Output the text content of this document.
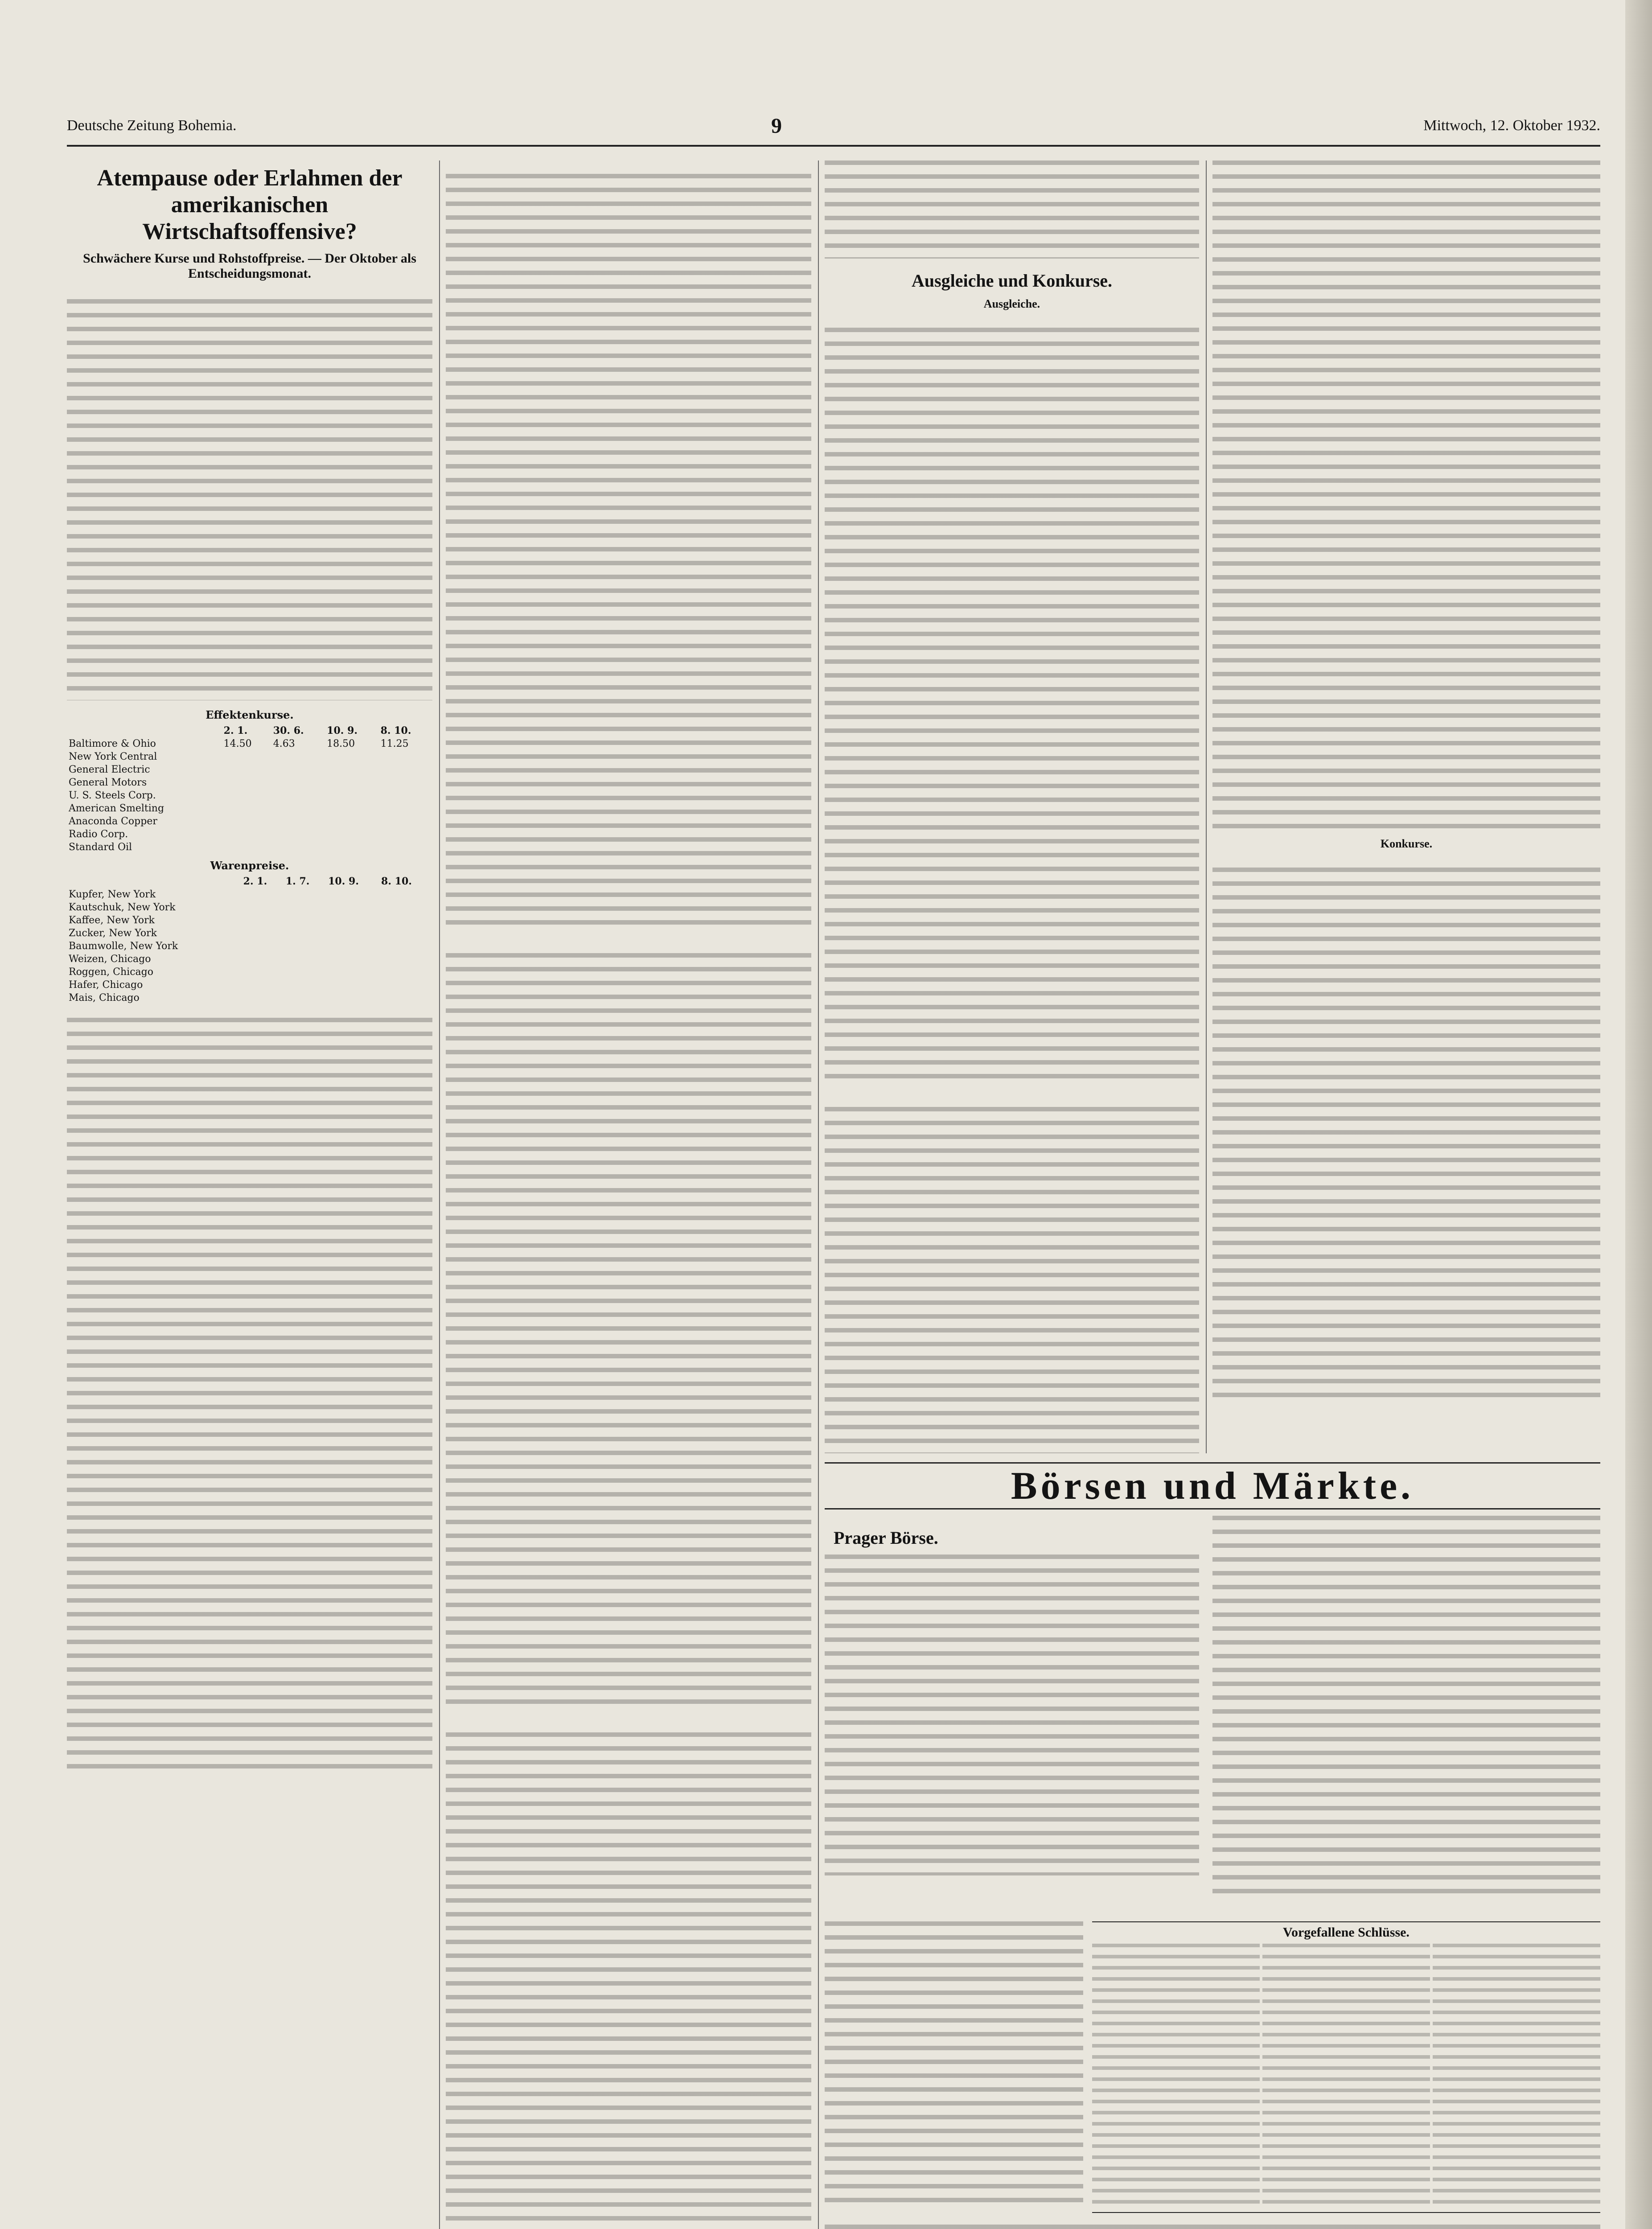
Deutsche Zeitung Bohemia.	9	Mittwoch, 12. Oktober 1932.
Atempause oder Erlahmen der amerikanischen Wirtschaftsoffensive?
Schwächere Kurse und Rohstoffpreise. — Der Oktober als Entscheidungsmonat.

Effektenkurse.
	2. 1.	30. 6.	10. 9.	8. 10.
Baltimore & Ohio	14.50	4.63	18.50	11.25
New York Central				
General Electric				
General Motors				
U. S. Steels Corp.				
American Smelting				
Anaconda Copper				
Radio Corp.				
Standard Oil				
Warenpreise.
	2. 1.	1. 7.	10. 9.	8. 10.
Kupfer, New York				
Kautschuk, New York				
Kaffee, New York				
Zucker, New York				
Baumwolle, New York				
Weizen, Chicago				
Roggen, Chicago				
Hafer, Chicago				
Mais, Chicago				

Ausgleiche und Konkurse.
Ausgleiche.

Konkurse.

Börsen und Märkte.
Prager Börse.
Vorgefallene Schlüsse.
